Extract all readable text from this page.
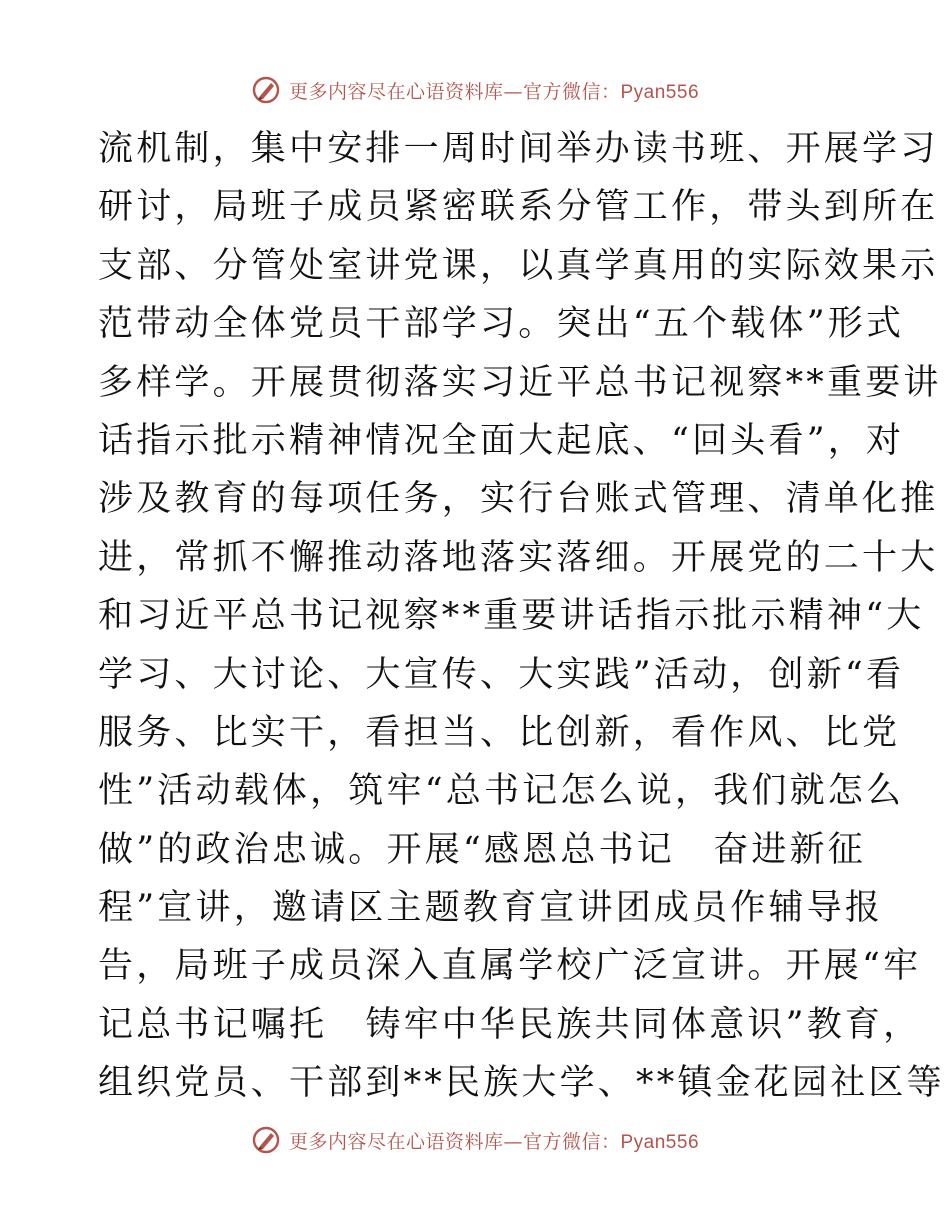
更多内容尽在心语资料库—官方微信：Pyan556
流机制，集中安排一周时间举办读书班、开展学习
研讨，局班子成员紧密联系分管工作，带头到所在
支部、分管处室讲党课，以真学真用的实际效果示
范带动全体党员干部学习。突出“五个载体”形式
多样学。开展贯彻落实习近平总书记视察**重要讲
话指示批示精神情况全面大起底、“回头看”，对
涉及教育的每项任务，实行台账式管理、清单化推
进，常抓不懈推动落地落实落细。开展党的二十大
和习近平总书记视察**重要讲话指示批示精神“大
学习、大讨论、大宣传、大实践”活动，创新“看
服务、比实干，看担当、比创新，看作风、比党
性”活动载体，筑牢“总书记怎么说，我们就怎么
做”的政治忠诚。开展“感恩总书记　奋进新征
程”宣讲，邀请区主题教育宣讲团成员作辅导报
告，局班子成员深入直属学校广泛宣讲。开展“牢
记总书记嘱托　铸牢中华民族共同体意识”教育，
组织党员、干部到**民族大学、**镇金花园社区等
更多内容尽在心语资料库—官方微信：Pyan556
